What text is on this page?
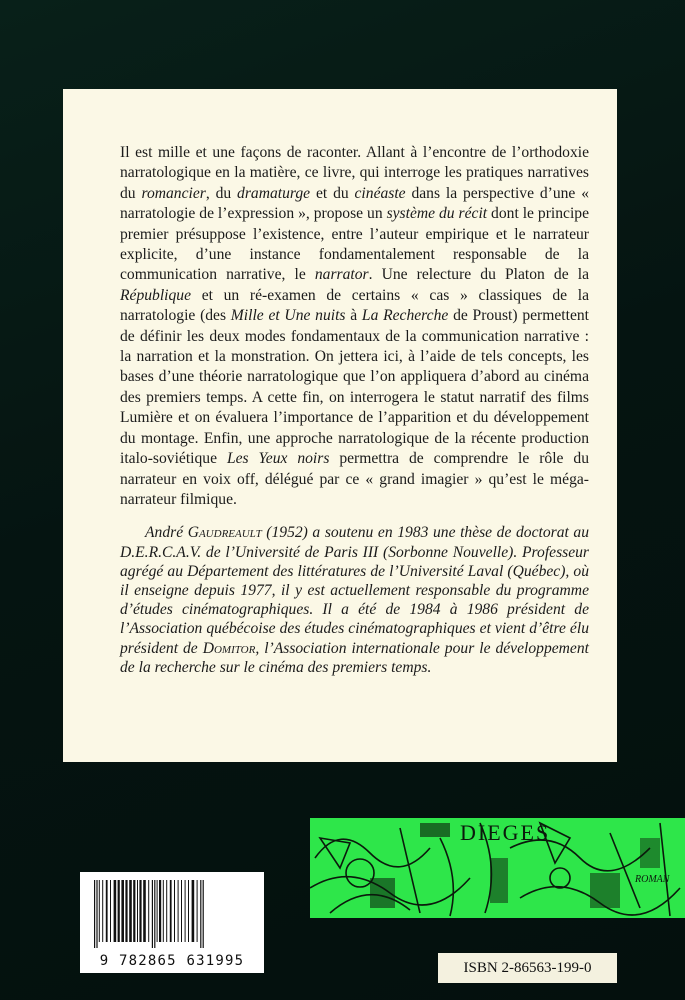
Il est mille et une façons de raconter. Allant à l’encontre de l’orthodoxie narratologique en la matière, ce livre, qui interroge les pratiques narratives du romancier, du dramaturge et du cinéaste dans la perspective d’une « narratologie de l’expression », propose un système du récit dont le principe premier présuppose l’existence, entre l’auteur empirique et le narrateur explicite, d’une instance fondamentalement responsable de la communication narrative, le narrator. Une relecture du Platon de la République et un ré-examen de certains « cas » classiques de la narratologie (des Mille et Une nuits à La Recherche de Proust) permettent de définir les deux modes fondamentaux de la communication narrative : la narration et la monstration. On jettera ici, à l’aide de tels concepts, les bases d’une théorie narratologique que l’on appliquera d’abord au cinéma des premiers temps. A cette fin, on interrogera le statut narratif des films Lumière et on évaluera l’importance de l’apparition et du développement du montage. Enfin, une approche narratologique de la récente production italo-soviétique Les Yeux noirs permettra de comprendre le rôle du narrateur en voix off, délégué par ce « grand imagier » qu’est le méga-narrateur filmique.

André Gaudreault (1952) a soutenu en 1983 une thèse de doctorat au D.E.R.C.A.V. de l’Université de Paris III (Sorbonne Nouvelle). Professeur agrégé au Département des littératures de l’Université Laval (Québec), où il enseigne depuis 1977, il y est actuellement responsable du programme d’études cinématographiques. Il a été de 1984 à 1986 président de l’Association québécoise des études cinématographiques et vient d’être élu président de Domitor, l’Association internationale pour le développement de la recherche sur le cinéma des premiers temps.

DIEGES
ROMAN
9 782865 631995	ISBN 2-86563-199-0
